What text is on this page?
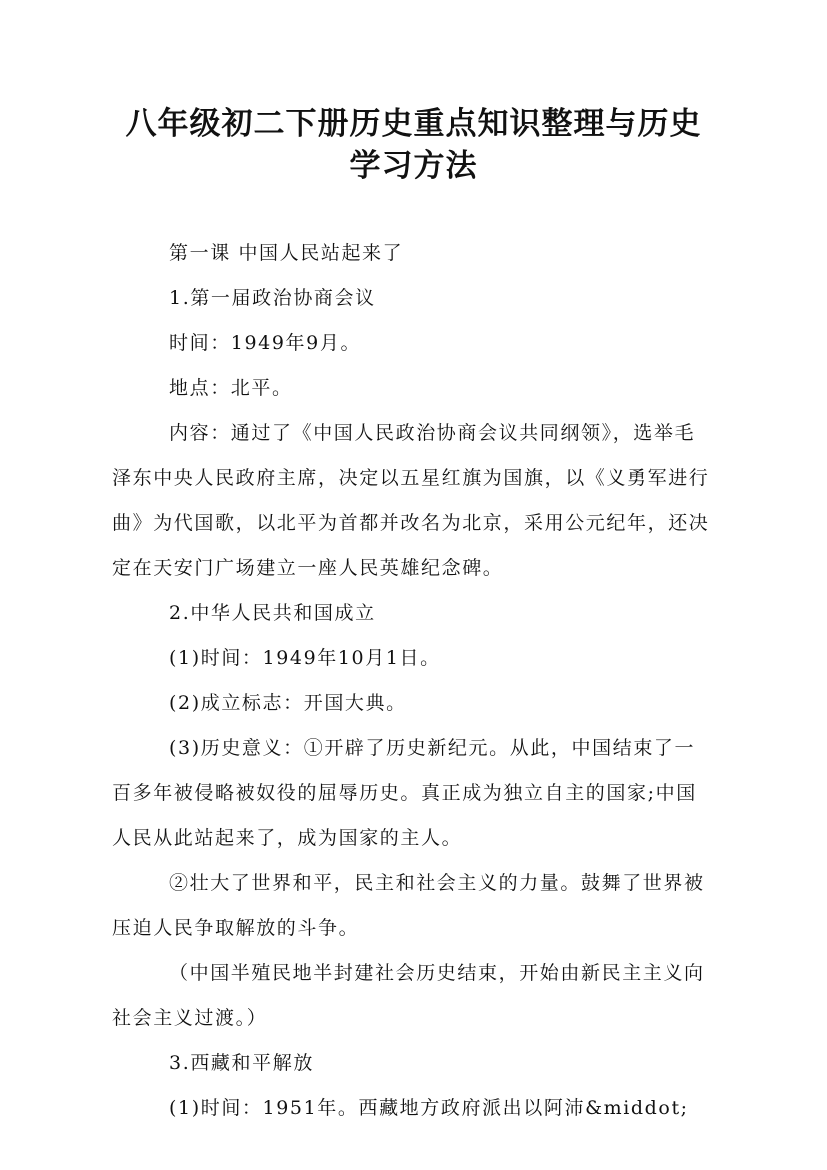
八年级初二下册历史重点知识整理与历史
学习方法

第一课 中国人民站起来了

1.第一届政治协商会议

时间：1949年9月。

地点：北平。

内容：通过了《中国人民政治协商会议共同纲领》，选举毛泽东中央人民政府主席，决定以五星红旗为国旗，以《义勇军进行曲》为代国歌，以北平为首都并改名为北京，采用公元纪年，还决定在天安门广场建立一座人民英雄纪念碑。

2.中华人民共和国成立

(1)时间：1949年10月1日。

(2)成立标志：开国大典。

(3)历史意义：①开辟了历史新纪元。从此，中国结束了一百多年被侵略被奴役的屈辱历史。真正成为独立自主的国家;中国人民从此站起来了，成为国家的主人。

②壮大了世界和平，民主和社会主义的力量。鼓舞了世界被压迫人民争取解放的斗争。

（中国半殖民地半封建社会历史结束，开始由新民主主义向社会主义过渡。）

3.西藏和平解放

(1)时间：1951年。西藏地方政府派出以阿沛&middot;
